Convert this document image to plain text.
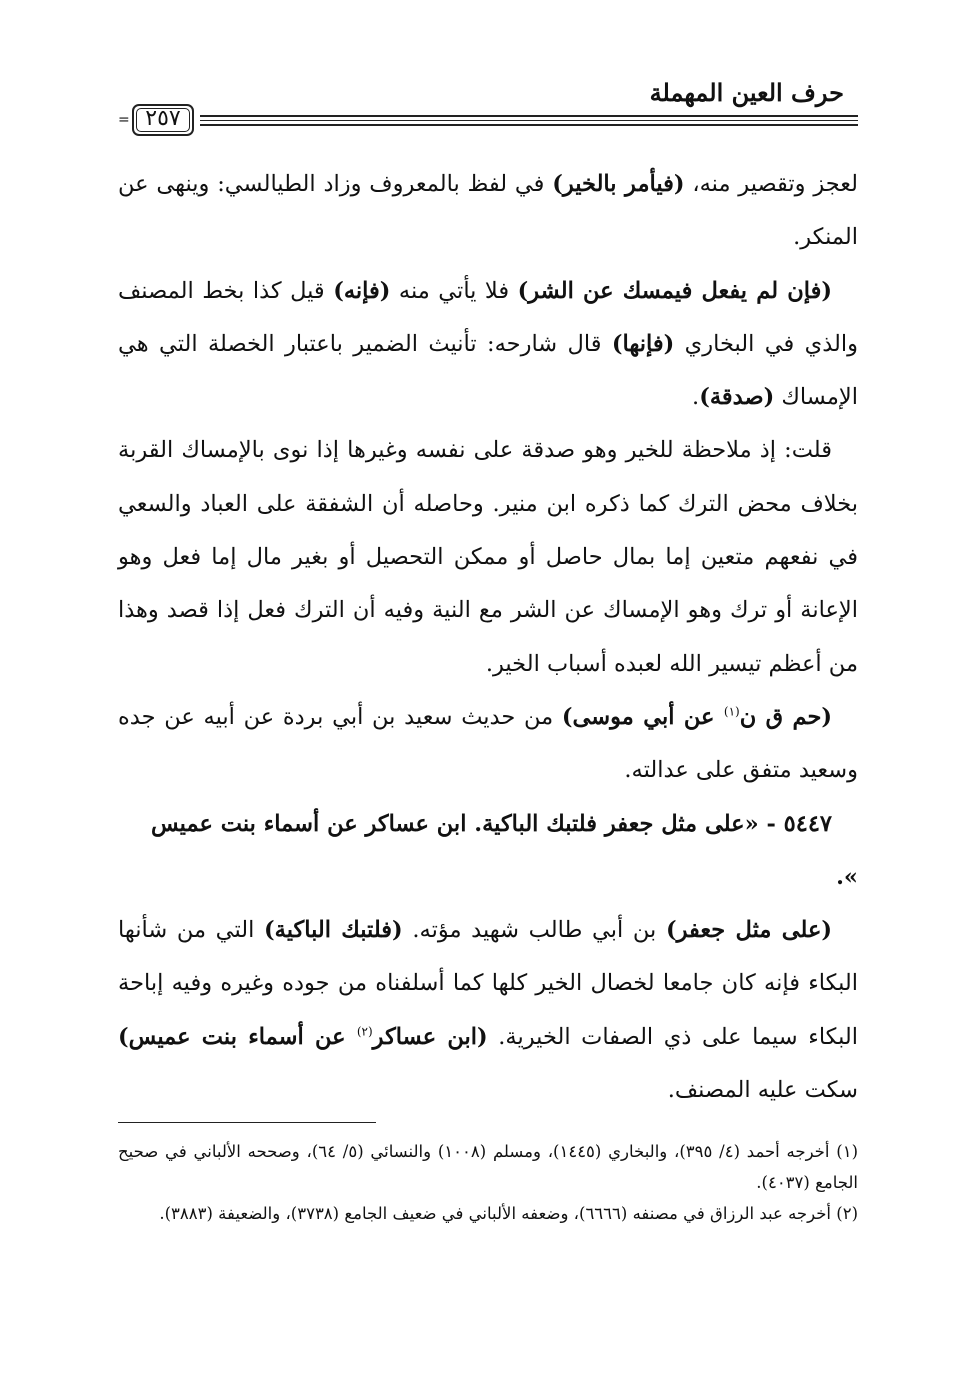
حرف العين المهملة
= ٢٥٧

لعجز وتقصير منه، (فيأمر بالخير) في لفظ بالمعروف وزاد الطيالسي: وينهى عن المنكر.

(فإن لم يفعل فيمسك عن الشر) فلا يأتي منه (فإنه) قيل كذا بخط المصنف والذي في البخاري (فإنها) قال شارحه: تأنيث الضمير باعتبار الخصلة التي هي الإمساك (صدقة).

قلت: إذ ملاحظة للخير وهو صدقة على نفسه وغيرها إذا نوى بالإمساك القربة بخلاف محض الترك كما ذكره ابن منير. وحاصله أن الشفقة على العباد والسعي في نفعهم متعين إما بمال حاصل أو ممكن التحصيل أو بغير مال إما فعل وهو الإعانة أو ترك وهو الإمساك عن الشر مع النية وفيه أن الترك فعل إذا قصد وهذا من أعظم تيسير الله لعبده أسباب الخير.

(حم ق ن$^{(١)}$ عن أبي موسى) من حديث سعيد بن أبي بردة عن أبيه عن جده وسعيد متفق على عدالته.

٥٤٤٧ - «على مثل جعفر فلتبك الباكية. ابن عساكر عن أسماء بنت عميس

».

(على مثل جعفر) بن أبي طالب شهيد مؤته. (فلتبك الباكية) التي من شأنها البكاء فإنه كان جامعا لخصال الخير كلها كما أسلفناه من جوده وغيره وفيه إباحة البكاء سيما على ذي الصفات الخيرية. (ابن عساكر$^{(٢)}$ عن أسماء بنت عميس) سكت عليه المصنف.

(١) أخرجه أحمد (٤/ ٣٩٥)، والبخاري (١٤٤٥)، ومسلم (١٠٠٨) والنسائي (٥/ ٦٤)، وصححه الألباني في صحيح الجامع (٤٠٣٧).

(٢) أخرجه عبد الرزاق في مصنفه (٦٦٦٦)، وضعفه الألباني في ضعيف الجامع (٣٧٣٨)، والضعيفة (٣٨٨٣).
